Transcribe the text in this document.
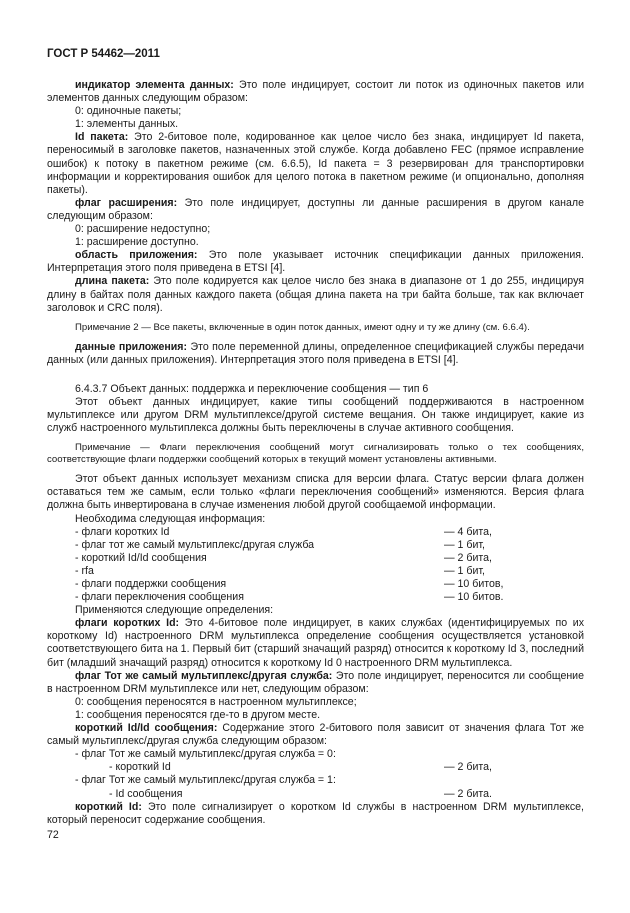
ГОСТ Р 54462—2011

индикатор элемента данных: Это поле индицирует, состоит ли поток из одиночных пакетов или элементов данных следующим образом:

0: одиночные пакеты;

1: элементы данных.

Id пакета: Это 2-битовое поле, кодированное как целое число без знака, индицирует Id пакета, переносимый в заголовке пакетов, назначенных этой службе. Когда добавлено FEC (прямое исправление ошибок) к потоку в пакетном режиме (см. 6.6.5), Id пакета = 3 резервирован для транспортировки информации и корректирования ошибок для целого потока в пакетном режиме (и опционально, дополняя пакеты).

флаг расширения: Это поле индицирует, доступны ли данные расширения в другом канале следующим образом:

0: расширение недоступно;

1: расширение доступно.

область приложения: Это поле указывает источник спецификации данных приложения. Интерпретация этого поля приведена в ETSI [4].

длина пакета: Это поле кодируется как целое число без знака в диапазоне от 1 до 255, индицируя длину в байтах поля данных каждого пакета (общая длина пакета на три байта больше, так как включает заголовок и CRC поля).

Примечание 2 — Все пакеты, включенные в один поток данных, имеют одну и ту же длину (см. 6.6.4).

данные приложения: Это поле переменной длины, определенное спецификацией службы передачи данных (или данных приложения). Интерпретация этого поля приведена в ETSI [4].

6.4.3.7 Объект данных: поддержка и переключение сообщения — тип 6

Этот объект данных индицирует, какие типы сообщений поддерживаются в настроенном мультиплексе или другом DRM мультиплексе/другой системе вещания. Он также индицирует, какие из служб настроенного мультиплекса должны быть переключены в случае активного сообщения.

Примечание — Флаги переключения сообщений могут сигнализировать только о тех сообщениях, соответствующие флаги поддержки сообщений которых в текущий момент установлены активными.

Этот объект данных использует механизм списка для версии флага. Статус версии флага должен оставаться тем же самым, если только «флаги переключения сообщений» изменяются. Версия флага должна быть инвертирована в случае изменения любой другой сообщаемой информации.

Необходима следующая информация:

- флаги коротких Id	— 4 бита,
- флаг тот же самый мультиплекс/другая служба	— 1 бит,
- короткий Id/Id сообщения	— 2 бита,
- rfa	— 1 бит,
- флаги поддержки сообщения	— 10 битов,
- флаги переключения сообщения	— 10 битов.

Применяются следующие определения:

флаги коротких Id: Это 4-битовое поле индицирует, в каких службах (идентифицируемых по их короткому Id) настроенного DRM мультиплекса определение сообщения осуществляется установкой соответствующего бита на 1. Первый бит (старший значащий разряд) относится к короткому Id 3, последний бит (младший значащий разряд) относится к короткому Id 0 настроенного DRM мультиплекса.

флаг Тот же самый мультиплекс/другая служба: Это поле индицирует, переносится ли сообщение в настроенном DRM мультиплексе или нет, следующим образом:

0: сообщения переносятся в настроенном мультиплексе;

1: сообщения переносятся где-то в другом месте.

короткий Id/Id сообщения: Содержание этого 2-битового поля зависит от значения флага Тот же самый мультиплекс/другая служба следующим образом:

- флаг Тот же самый мультиплекс/другая служба = 0:

- короткий Id	— 2 бита,

- флаг Тот же самый мультиплекс/другая служба = 1:

- Id сообщения	— 2 бита.

короткий Id: Это поле сигнализирует о коротком Id службы в настроенном DRM мультиплексе, который переносит содержание сообщения.

72
